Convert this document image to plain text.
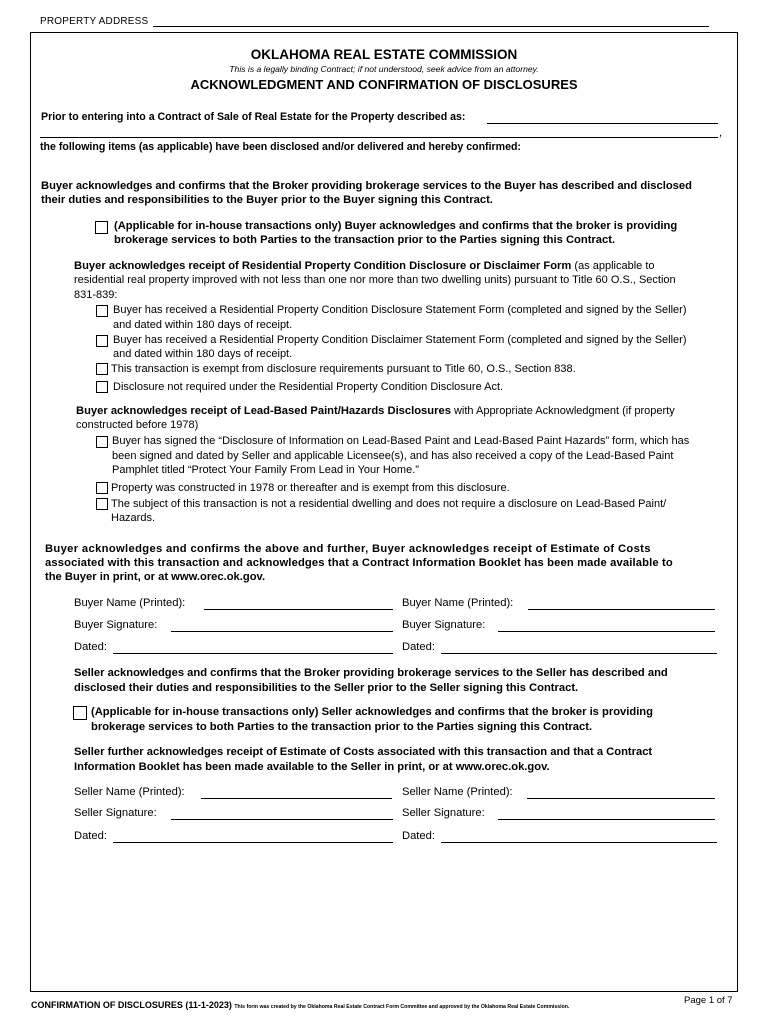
PROPERTY ADDRESS
OKLAHOMA REAL ESTATE COMMISSION
This is a legally binding Contract; if not understood, seek advice from an attorney.
ACKNOWLEDGMENT AND CONFIRMATION OF DISCLOSURES
Prior to entering into a Contract of Sale of Real Estate for the Property described as:
,
the following items (as applicable) have been disclosed and/or delivered and hereby confirmed:
Buyer acknowledges and confirms that the Broker providing brokerage services to the Buyer has described and disclosed
their duties and responsibilities to the Buyer prior to the Buyer signing this Contract.
(Applicable for in-house transactions only) Buyer acknowledges and confirms that the broker is providing
brokerage services to both Parties to the transaction prior to the Parties signing this Contract.
Buyer acknowledges receipt of Residential Property Condition Disclosure or Disclaimer Form (as applicable to
residential real property improved with not less than one nor more than two dwelling units) pursuant to Title 60 O.S., Section
831-839:
Buyer has received a Residential Property Condition Disclosure Statement Form (completed and signed by the Seller)
and dated within 180 days of receipt.
Buyer has received a Residential Property Condition Disclaimer Statement Form (completed and signed by the Seller)
and dated within 180 days of receipt.
This transaction is exempt from disclosure requirements pursuant to Title 60, O.S., Section 838.
Disclosure not required under the Residential Property Condition Disclosure Act.
Buyer acknowledges receipt of Lead-Based Paint/Hazards Disclosures with Appropriate Acknowledgment (if property
constructed before 1978)
Buyer has signed the “Disclosure of Information on Lead-Based Paint and Lead-Based Paint Hazards” form, which has
been signed and dated by Seller and applicable Licensee(s), and has also received a copy of the Lead-Based Paint
Pamphlet titled “Protect Your Family From Lead in Your Home.”
Property was constructed in 1978 or thereafter and is exempt from this disclosure.
The subject of this transaction is not a residential dwelling and does not require a disclosure on Lead-Based Paint/
Hazards.
Buyer acknowledges and confirms the above and further, Buyer acknowledges receipt of Estimate of Costs
associated with this transaction and acknowledges that a Contract Information Booklet has been made available to
the Buyer in print, or at www.orec.ok.gov.
Buyer Name (Printed):	Buyer Name (Printed):
Buyer Signature:	Buyer Signature:
Dated:	Dated:
Seller acknowledges and confirms that the Broker providing brokerage services to the Seller has described and
disclosed their duties and responsibilities to the Seller prior to the Seller signing this Contract.
(Applicable for in-house transactions only) Seller acknowledges and confirms that the broker is providing
brokerage services to both Parties to the transaction prior to the Parties signing this Contract.
Seller further acknowledges receipt of Estimate of Costs associated with this transaction and that a Contract
Information Booklet has been made available to the Seller in print, or at www.orec.ok.gov.
Seller Name (Printed):	Seller Name (Printed):
Seller Signature:	Seller Signature:
Dated:	Dated:
CONFIRMATION OF DISCLOSURES (11-1-2023) This form was created by the Oklahoma Real Estate Contract Form Committee and approved by the Oklahoma Real Estate Commission.
Page 1 of 7
